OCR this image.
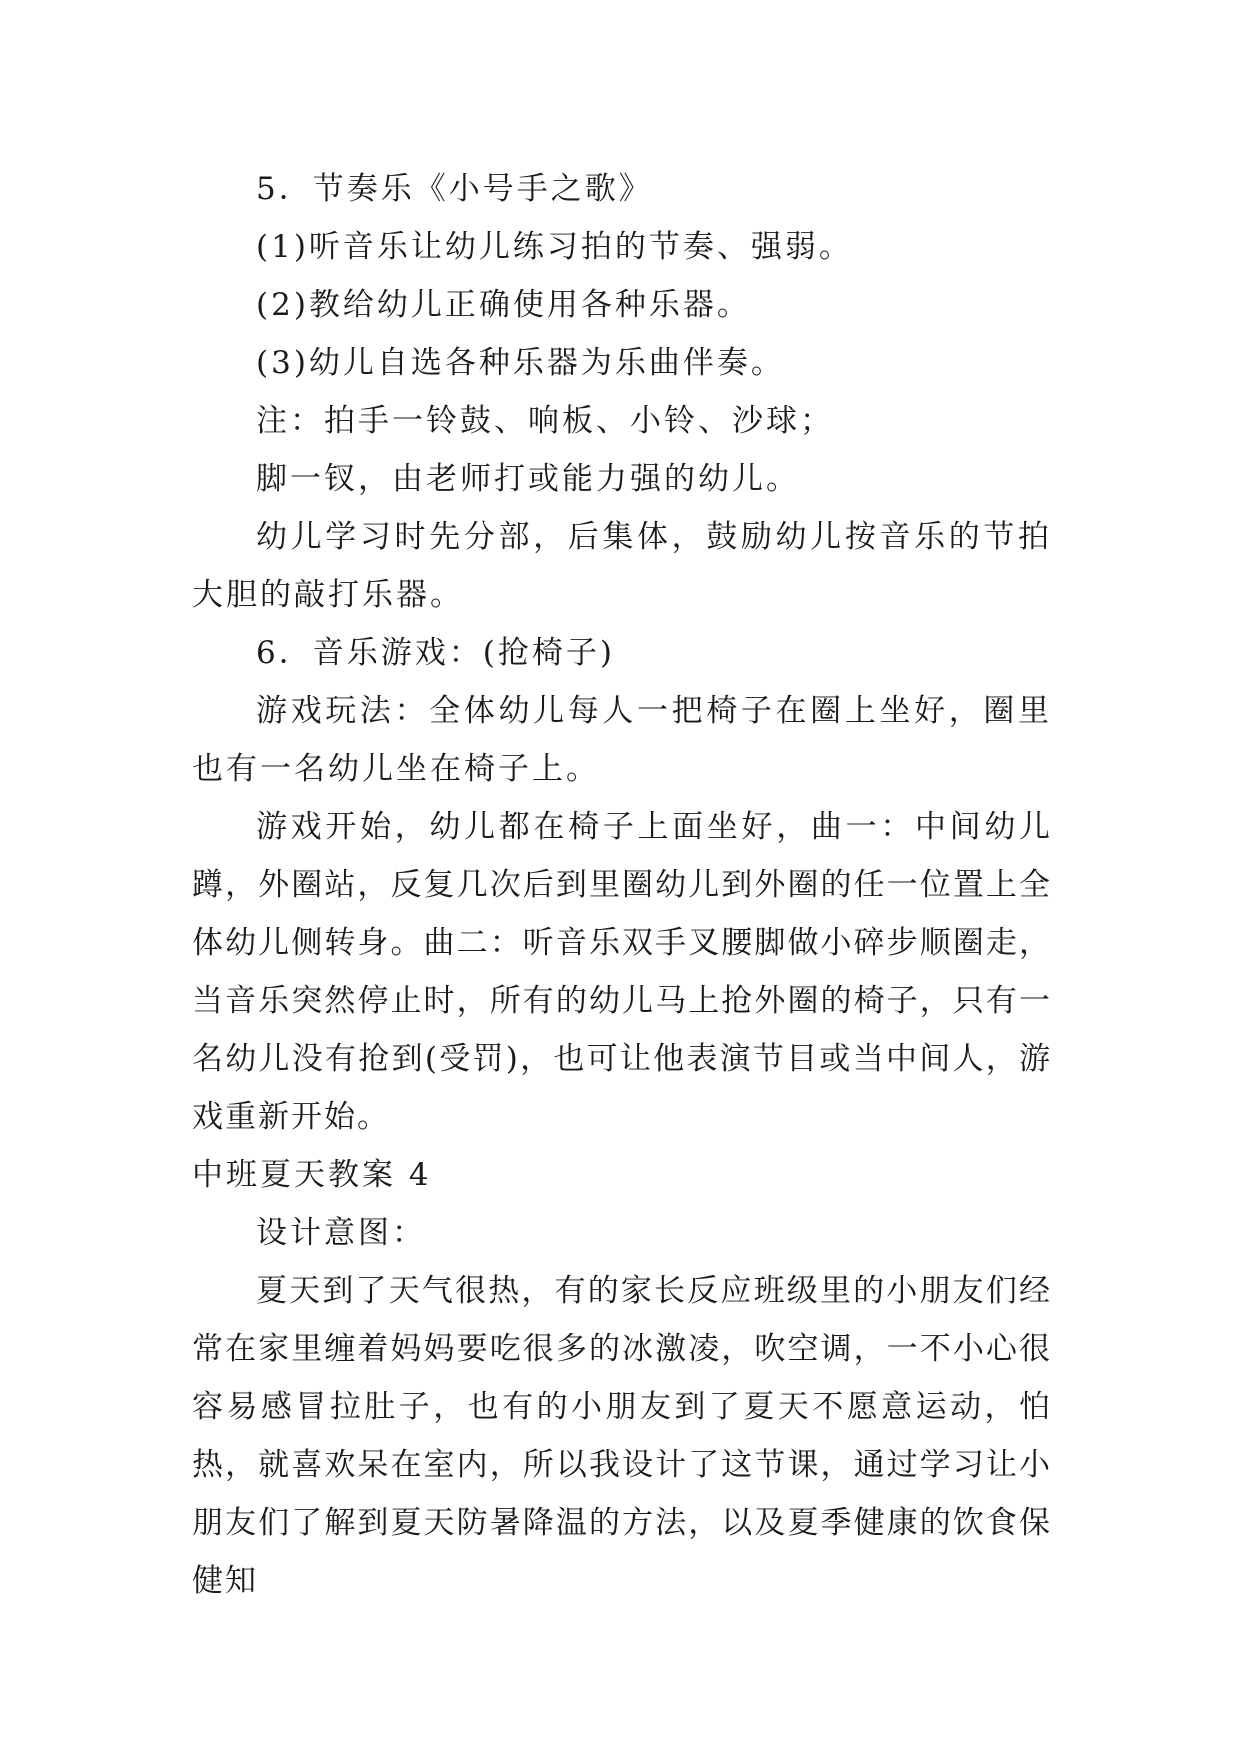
5．节奏乐《小号手之歌》
(1)听音乐让幼儿练习拍的节奏、强弱。
(2)教给幼儿正确使用各种乐器。
(3)幼儿自选各种乐器为乐曲伴奏。
注：拍手一铃鼓、响板、小铃、沙球；
脚一钗，由老师打或能力强的幼儿。
幼儿学习时先分部，后集体，鼓励幼儿按音乐的节拍大胆的敲打乐器。
6．音乐游戏：(抢椅子)
游戏玩法：全体幼儿每人一把椅子在圈上坐好，圈里也有一名幼儿坐在椅子上。
游戏开始，幼儿都在椅子上面坐好，曲一：中间幼儿蹲，外圈站，反复几次后到里圈幼儿到外圈的任一位置上全体幼儿侧转身。曲二：听音乐双手叉腰脚做小碎步顺圈走，当音乐突然停止时，所有的幼儿马上抢外圈的椅子，只有一名幼儿没有抢到(受罚)，也可让他表演节目或当中间人，游戏重新开始。
中班夏天教案 4
设计意图：
夏天到了天气很热，有的家长反应班级里的小朋友们经常在家里缠着妈妈要吃很多的冰激凌，吹空调，一不小心很容易感冒拉肚子，也有的小朋友到了夏天不愿意运动，怕热，就喜欢呆在室内，所以我设计了这节课，通过学习让小朋友们了解到夏天防暑降温的方法，以及夏季健康的饮食保健知
